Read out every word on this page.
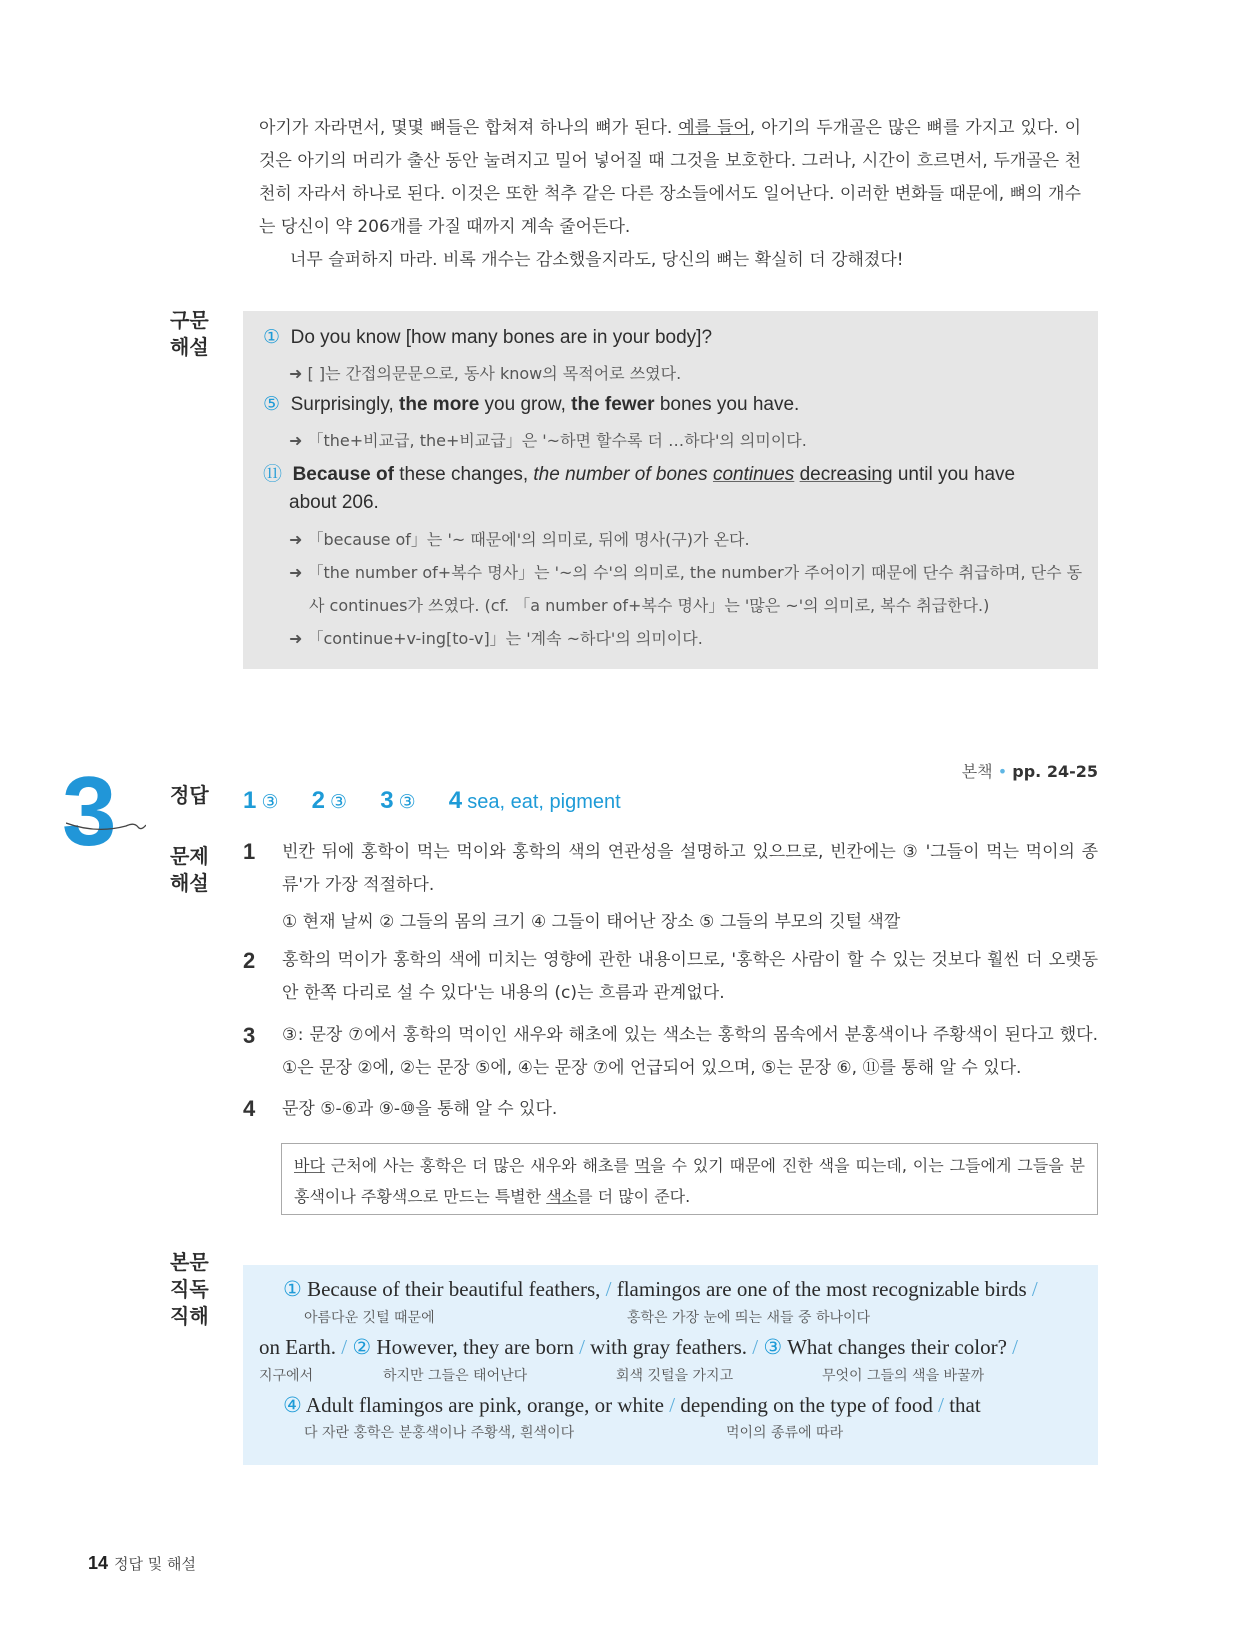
아기가 자라면서, 몇몇 뼈들은 합쳐져 하나의 뼈가 된다. 예를 들어, 아기의 두개골은 많은 뼈를 가지고 있다. 이것은 아기의 머리가 출산 동안 눌려지고 밀어 넣어질 때 그것을 보호한다. 그러나, 시간이 흐르면서, 두개골은 천천히 자라서 하나로 된다. 이것은 또한 척추 같은 다른 장소들에서도 일어난다. 이러한 변화들 때문에, 뼈의 개수는 당신이 약 206개를 가질 때까지 계속 줄어든다.
너무 슬퍼하지 마라. 비록 개수는 감소했을지라도, 당신의 뼈는 확실히 더 강해졌다!
구문
해설	① Do you know [how many bones are in your body]?
➜ [ ]는 간접의문문으로, 동사 know의 목적어로 쓰였다.
⑤ Surprisingly, the more you grow, the fewer bones you have.
➜ 「the+비교급, the+비교급」은 '~하면 할수록 더 …하다'의 의미이다.
⑪ Because of these changes, the number of bones continues decreasing until you have
about 206.
➜ 「because of」는 '~ 때문에'의 의미로, 뒤에 명사(구)가 온다.
➜ 「the number of+복수 명사」는 '~의 수'의 의미로, the number가 주어이기 때문에 단수 취급하며, 단수 동
사 continues가 쓰였다. (cf. 「a number of+복수 명사」는 '많은 ~'의 의미로, 복수 취급한다.)
➜ 「continue+v-ing[to-v]」는 '계속 ~하다'의 의미이다.
3	본책 • pp. 24-25
정답 1 ③ 2 ③ 3 ③ 4 sea, eat, pigment
문제
해설
1 빈칸 뒤에 홍학이 먹는 먹이와 홍학의 색의 연관성을 설명하고 있으므로, 빈칸에는 ③ '그들이 먹는 먹이의 종류'가 가장 적절하다.
① 현재 날씨 ② 그들의 몸의 크기 ④ 그들이 태어난 장소 ⑤ 그들의 부모의 깃털 색깔
2 홍학의 먹이가 홍학의 색에 미치는 영향에 관한 내용이므로, '홍학은 사람이 할 수 있는 것보다 훨씬 더 오랫동안 한쪽 다리로 설 수 있다'는 내용의 (c)는 흐름과 관계없다.
3 ③: 문장 ⑦에서 홍학의 먹이인 새우와 해초에 있는 색소는 홍학의 몸속에서 분홍색이나 주황색이 된다고 했다. ①은 문장 ②에, ②는 문장 ⑤에, ④는 문장 ⑦에 언급되어 있으며, ⑤는 문장 ⑥, ⑪를 통해 알 수 있다.
4 문장 ⑤-⑥과 ⑨-⑩을 통해 알 수 있다.
바다 근처에 사는 홍학은 더 많은 새우와 해초를 먹을 수 있기 때문에 진한 색을 띠는데, 이는 그들에게 그들을 분홍색이나 주황색으로 만드는 특별한 색소를 더 많이 준다.
본문
직독
직해
① Because of their beautiful feathers, / flamingos are one of the most recognizable birds /
아름다운 깃털 때문에	홍학은 가장 눈에 띄는 새들 중 하나이다
on Earth. / ② However, they are born / with gray feathers. / ③ What changes their color? /
지구에서	하지만 그들은 태어난다	회색 깃털을 가지고	무엇이 그들의 색을 바꿀까
④ Adult flamingos are pink, orange, or white / depending on the type of food / that
다 자란 홍학은 분홍색이나 주황색, 흰색이다	먹이의 종류에 따라
14 정답 및 해설
